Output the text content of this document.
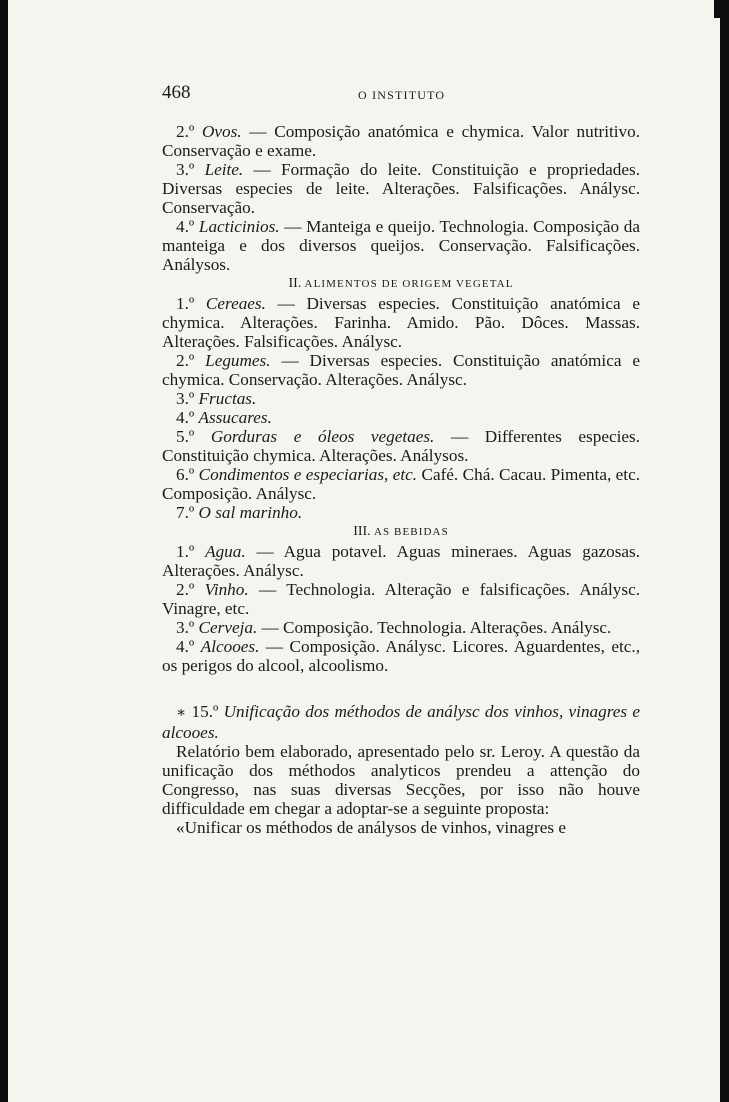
468	O INSTITUTO

2.º Ovos. — Composição anatómica e chymica. Valor nutritivo. Conservação e exame.

3.º Leite. — Formação do leite. Constituição e propriedades. Diversas especies de leite. Alterações. Falsificações. Análysc. Conservação.

4.º Lacticinios. — Manteiga e queijo. Technologia. Composição da manteiga e dos diversos queijos. Conservação. Falsificações. Análysos.

II. ALIMENTOS DE ORIGEM VEGETAL

1.º Cereaes. — Diversas especies. Constituição anatómica e chymica. Alterações. Farinha. Amido. Pão. Dôces. Massas. Alterações. Falsificações. Análysc.

2.º Legumes. — Diversas especies. Constituição anatómica e chymica. Conservação. Alterações. Análysc.

3.º Fructas.

4.º Assucares.

5.º Gorduras e óleos vegetaes. — Differentes especies. Constituição chymica. Alterações. Análysos.

6.º Condimentos e especiarias, etc. Café. Chá. Cacau. Pimenta, etc. Composição. Análysc.

7.º O sal marinho.

III. AS BEBIDAS

1.º Agua. — Agua potavel. Aguas mineraes. Aguas gazosas. Alterações. Análysc.

2.º Vinho. — Technologia. Alteração e falsificações. Análysc. Vinagre, etc.

3.º Cerveja. — Composição. Technologia. Alterações. Análysc.

4.º Alcooes. — Composição. Análysc. Licores. Aguardentes, etc., os perigos do alcool, alcoolismo.

∗ 15.º Unificação dos méthodos de análysc dos vinhos, vinagres e alcooes.

Relatório bem elaborado, apresentado pelo sr. Leroy. A questão da unificação dos méthodos analyticos prendeu a attenção do Congresso, nas suas diversas Secções, por isso não houve difficuldade em chegar a adoptar-se a seguinte proposta:

«Unificar os méthodos de análysos de vinhos, vinagres e
